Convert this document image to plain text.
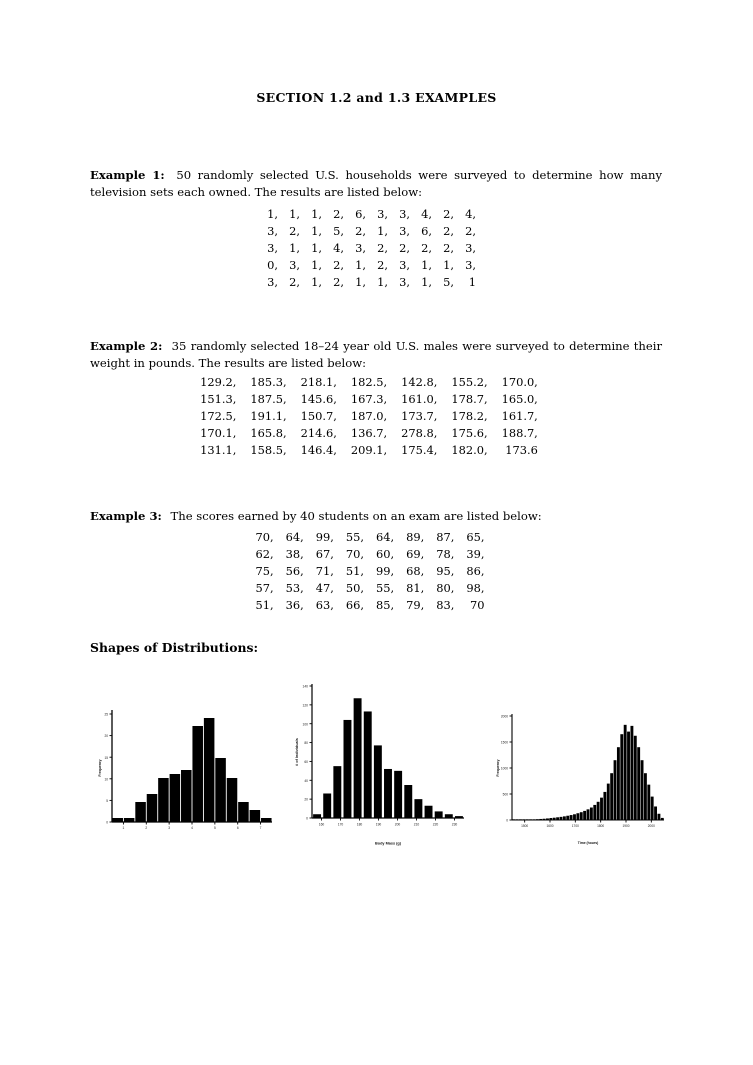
SECTION 1.2 and 1.3 EXAMPLES

Example 1: 50 randomly selected U.S. households were surveyed to determine how many television sets each owned. The results are listed below:

1,	1,	1,	2,	6,	3,	3,	4,	2,	4,
3,	2,	1,	5,	2,	1,	3,	6,	2,	2,
3,	1,	1,	4,	3,	2,	2,	2,	2,	3,
0,	3,	1,	2,	1,	2,	3,	1,	1,	3,
3,	2,	1,	2,	1,	1,	3,	1,	5,	1

Example 2: 35 randomly selected 18–24 year old U.S. males were surveyed to determine their weight in pounds. The results are listed below:

129.2,	185.3,	218.1,	182.5,	142.8,	155.2,	170.0,
151.3,	187.5,	145.6,	167.3,	161.0,	178.7,	165.0,
172.5,	191.1,	150.7,	187.0,	173.7,	178.2,	161.7,
170.1,	165.8,	214.6,	136.7,	278.8,	175.6,	188.7,
131.1,	158.5,	146.4,	209.1,	175.4,	182.0,	173.6

Example 3: The scores earned by 40 students on an exam are listed below:

70,	64,	99,	55,	64,	89,	87,	65,
62,	38,	67,	70,	60,	69,	78,	39,
75,	56,	71,	51,	99,	68,	95,	86,
57,	53,	47,	50,	55,	81,	80,	98,
51,	36,	63,	66,	85,	79,	83,	70
Shapes of Distributions:
0
5
10
15
20
25
1	2	3	4	5	6	7
Frequency
0
20
40
60
80
100
120
140
160	170	180	190	200	210	220	230
# of Individuals
Body Mass (g)
0
500
1000
1500
2000
1500	1600	1700	1800	1900	2000
Frequency
Time (hours)
